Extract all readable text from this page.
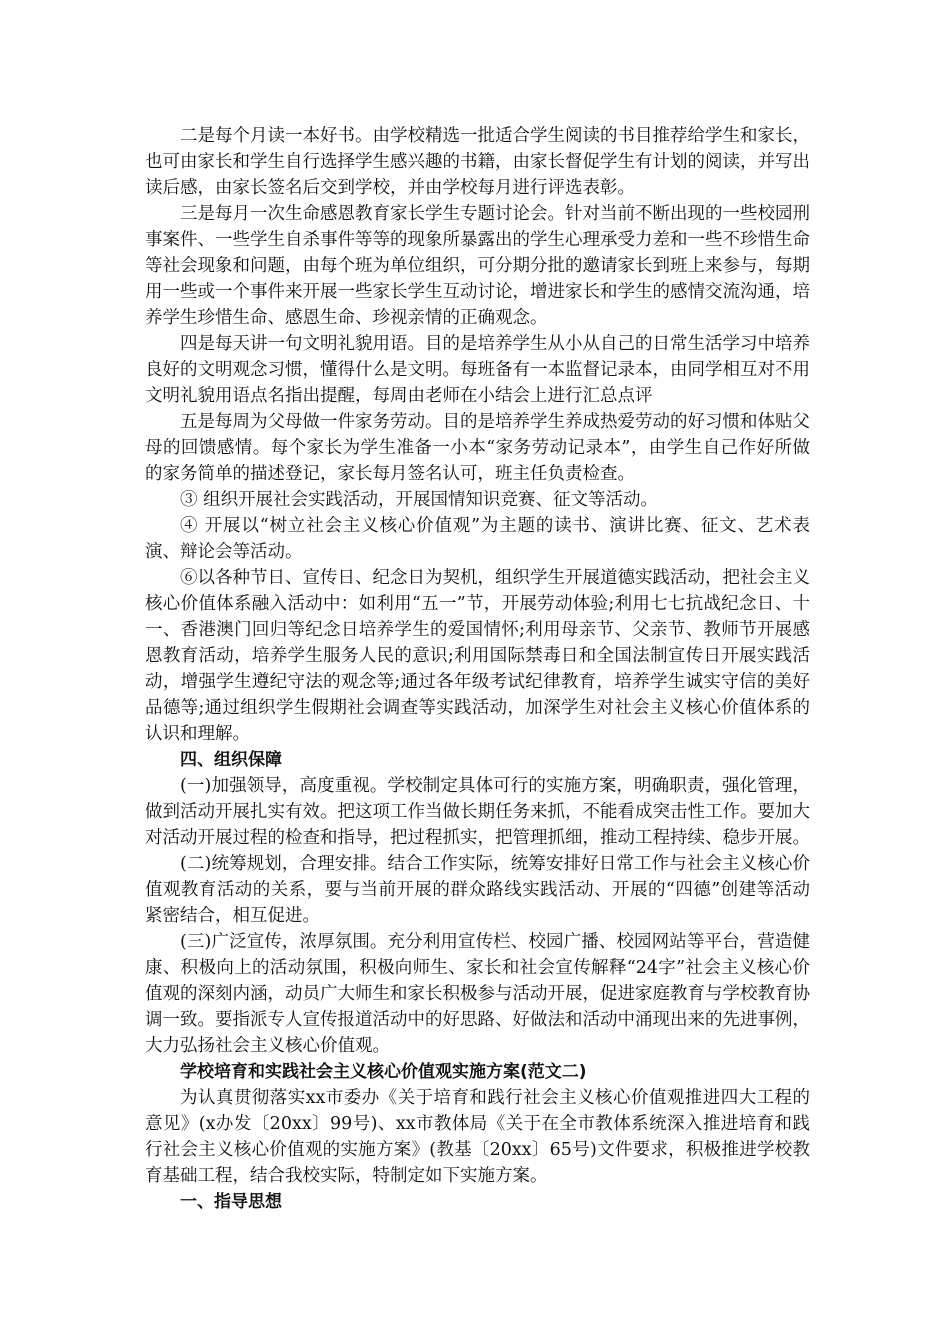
二是每个月读一本好书。由学校精选一批适合学生阅读的书目推荐给学生和家长，也可由家长和学生自行选择学生感兴趣的书籍，由家长督促学生有计划的阅读，并写出读后感，由家长签名后交到学校，并由学校每月进行评选表彰。

三是每月一次生命感恩教育家长学生专题讨论会。针对当前不断出现的一些校园刑事案件、一些学生自杀事件等等的现象所暴露出的学生心理承受力差和一些不珍惜生命等社会现象和问题，由每个班为单位组织，可分期分批的邀请家长到班上来参与，每期用一些或一个事件来开展一些家长学生互动讨论，增进家长和学生的感情交流沟通，培养学生珍惜生命、感恩生命、珍视亲情的正确观念。

四是每天讲一句文明礼貌用语。目的是培养学生从小从自己的日常生活学习中培养良好的文明观念习惯，懂得什么是文明。每班备有一本监督记录本，由同学相互对不用文明礼貌用语点名指出提醒，每周由老师在小结会上进行汇总点评

五是每周为父母做一件家务劳动。目的是培养学生养成热爱劳动的好习惯和体贴父母的回馈感情。每个家长为学生准备一小本“家务劳动记录本”，由学生自己作好所做的家务简单的描述登记，家长每月签名认可，班主任负责检查。

③ 组织开展社会实践活动，开展国情知识竞赛、征文等活动。

④ 开展以“树立社会主义核心价值观”为主题的读书、演讲比赛、征文、艺术表演、辩论会等活动。

⑥以各种节日、宣传日、纪念日为契机，组织学生开展道德实践活动，把社会主义核心价值体系融入活动中：如利用“五一”节，开展劳动体验;利用七七抗战纪念日、十一、香港澳门回归等纪念日培养学生的爱国情怀;利用母亲节、父亲节、教师节开展感恩教育活动，培养学生服务人民的意识;利用国际禁毒日和全国法制宣传日开展实践活动，增强学生遵纪守法的观念等;通过各年级考试纪律教育，培养学生诚实守信的美好品德等;通过组织学生假期社会调查等实践活动，加深学生对社会主义核心价值体系的认识和理解。

四、组织保障

(一)加强领导，高度重视。学校制定具体可行的实施方案，明确职责，强化管理，做到活动开展扎实有效。把这项工作当做长期任务来抓，不能看成突击性工作。要加大对活动开展过程的检查和指导，把过程抓实，把管理抓细，推动工程持续、稳步开展。

(二)统筹规划，合理安排。结合工作实际，统筹安排好日常工作与社会主义核心价值观教育活动的关系，要与当前开展的群众路线实践活动、开展的“四德”创建等活动紧密结合，相互促进。

(三)广泛宣传，浓厚氛围。充分利用宣传栏、校园广播、校园网站等平台，营造健康、积极向上的活动氛围，积极向师生、家长和社会宣传解释“24字”社会主义核心价值观的深刻内涵，动员广大师生和家长积极参与活动开展，促进家庭教育与学校教育协调一致。要指派专人宣传报道活动中的好思路、好做法和活动中涌现出来的先进事例，大力弘扬社会主义核心价值观。

学校培育和实践社会主义核心价值观实施方案(范文二)

为认真贯彻落实xx市委办《关于培育和践行社会主义核心价值观推进四大工程的意见》(x办发〔20xx〕99号)、xx市教体局《关于在全市教体系统深入推进培育和践行社会主义核心价值观的实施方案》(教基〔20xx〕65号)文件要求，积极推进学校教育基础工程，结合我校实际，特制定如下实施方案。

一、指导思想
